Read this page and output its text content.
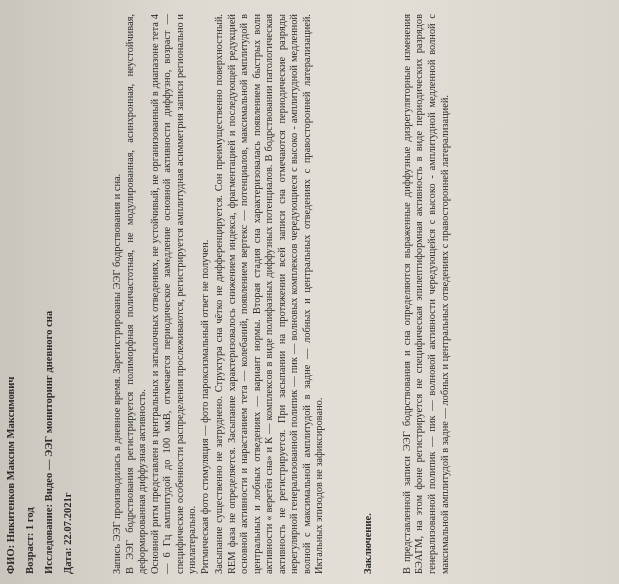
ФИО: Никитенков Максим Максимович Возраст: 1 год Исследование: Видео — ЭЭГ мониторинг дневного сна Дата: 22.07.2021г	Запись ЭЭГ производилась в дневное время. Зарегистрированы ЭЭГ бодрствования и сна. В ЭЭГ бодрствования регистрируется полиморфная поличастотная, не модулированная, асинхронная, неустойчивая, деформированная диффузная активность. Основной ритм представлен в центральных и затылочных отведениях, не устойчивый, не организованный в диапазоне тета 4 — 6 Гц амплитудой до 100 мкВ, отмечается периодическое замедление основной активности диффузно, возраст — специфические особенности распределения прослеживаются, регистрируется амплитудная асимметрия записи регионально и унилатерально. Ритмическая фото стимуляция — фото пароксизмальный ответ не получен. Засыпание существенно не затруднено. Структура сна чётко не дифференцируется. Сон преимущественно поверхностный. REM фаза не определяется. Засыпание характеризовалось снижением индекса, фрагментацией и последующей редукцией основной активности и нарастанием тета — колебаний, появлением вертекс — потенциалов, максимальной амплитудой в центральных и лобных отведениях — вариант нормы. Вторая стадия сна характеризовалась появлением быстрых волн активности « веретён сна» и К — комплексов в виде полифазных диффузных потенциалов. В бодрствовании патологическая активность не регистрируется. При засыпании на протяжении всей записи сна отмечаются периодические разряды нерегулярной генерализованной полипик — пик — волновых комплексов чередующиеся с высоко - амплитудной медленной волной с максимальной амплитудой в задне — лобных и центральных отведениях с правосторонней латерализацией. Иктальных эпизодов не зафиксировано.	Заключение.	В представленной записи ЭЭГ бодрствования и сна определяются выраженные диффузные дизрегуляторные изменения БЭАГМ, на этом фоне регистрируется не специфическая эпилептиформная активность в виде периодических разрядов генерализованной полипик — пик — волновой активности чередующейся с высоко - амплитудной медленной волной с максимальной амплитудой в задне — лобных и центральных отведениях с правосторонней латерализацией.
